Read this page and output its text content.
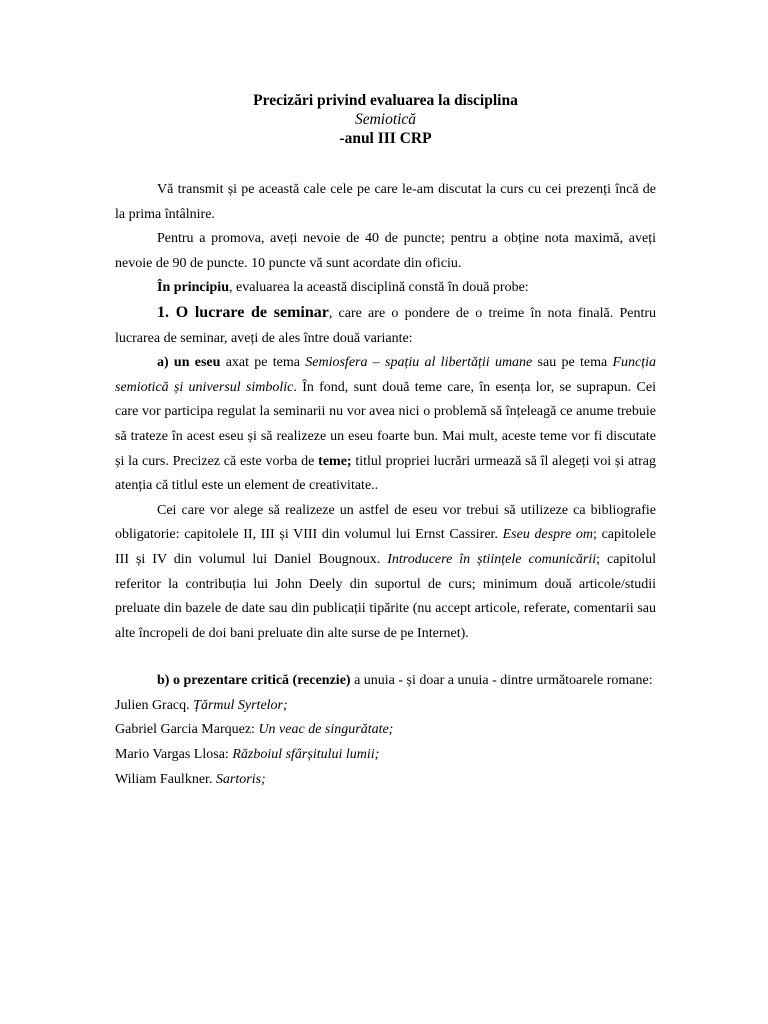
Precizări privind evaluarea la disciplina
Semiotică
-anul III CRP

Vă transmit și pe această cale cele pe care le-am discutat la curs cu cei prezenți încă de la prima întâlnire.

Pentru a promova, aveți nevoie de 40 de puncte; pentru a obține nota maximă, aveți nevoie de 90 de puncte. 10 puncte vă sunt acordate din oficiu.

În principiu, evaluarea la această disciplină constă în două probe:

1. O lucrare de seminar, care are o pondere de o treime în nota finală. Pentru lucrarea de seminar, aveți de ales între două variante:

a) un eseu axat pe tema Semiosfera – spațiu al libertății umane sau pe tema Funcția semiotică și universul simbolic. În fond, sunt două teme care, în esența lor, se suprapun. Cei care vor participa regulat la seminarii nu vor avea nici o problemă să înțeleagă ce anume trebuie să trateze în acest eseu și să realizeze un eseu foarte bun. Mai mult, aceste teme vor fi discutate și la curs. Precizez că este vorba de teme; titlul propriei lucrări urmează să îl alegeți voi și atrag atenția că titlul este un element de creativitate..

Cei care vor alege să realizeze un astfel de eseu vor trebui să utilizeze ca bibliografie obligatorie: capitolele II, III și VIII din volumul lui Ernst Cassirer. Eseu despre om; capitolele III și IV din volumul lui Daniel Bougnoux. Introducere în științele comunicării; capitolul referitor la contribuția lui John Deely din suportul de curs; minimum două articole/studii preluate din bazele de date sau din publicații tipărite (nu accept articole, referate, comentarii sau alte încropeli de doi bani preluate din alte surse de pe Internet).

b) o prezentare critică (recenzie) a unuia - și doar a unuia - dintre următoarele romane:

Julien Gracq. Țărmul Syrtelor;

Gabriel Garcia Marquez: Un veac de singurătate;

Mario Vargas Llosa: Războiul sfârșitului lumii;

Wiliam Faulkner. Sartoris;
